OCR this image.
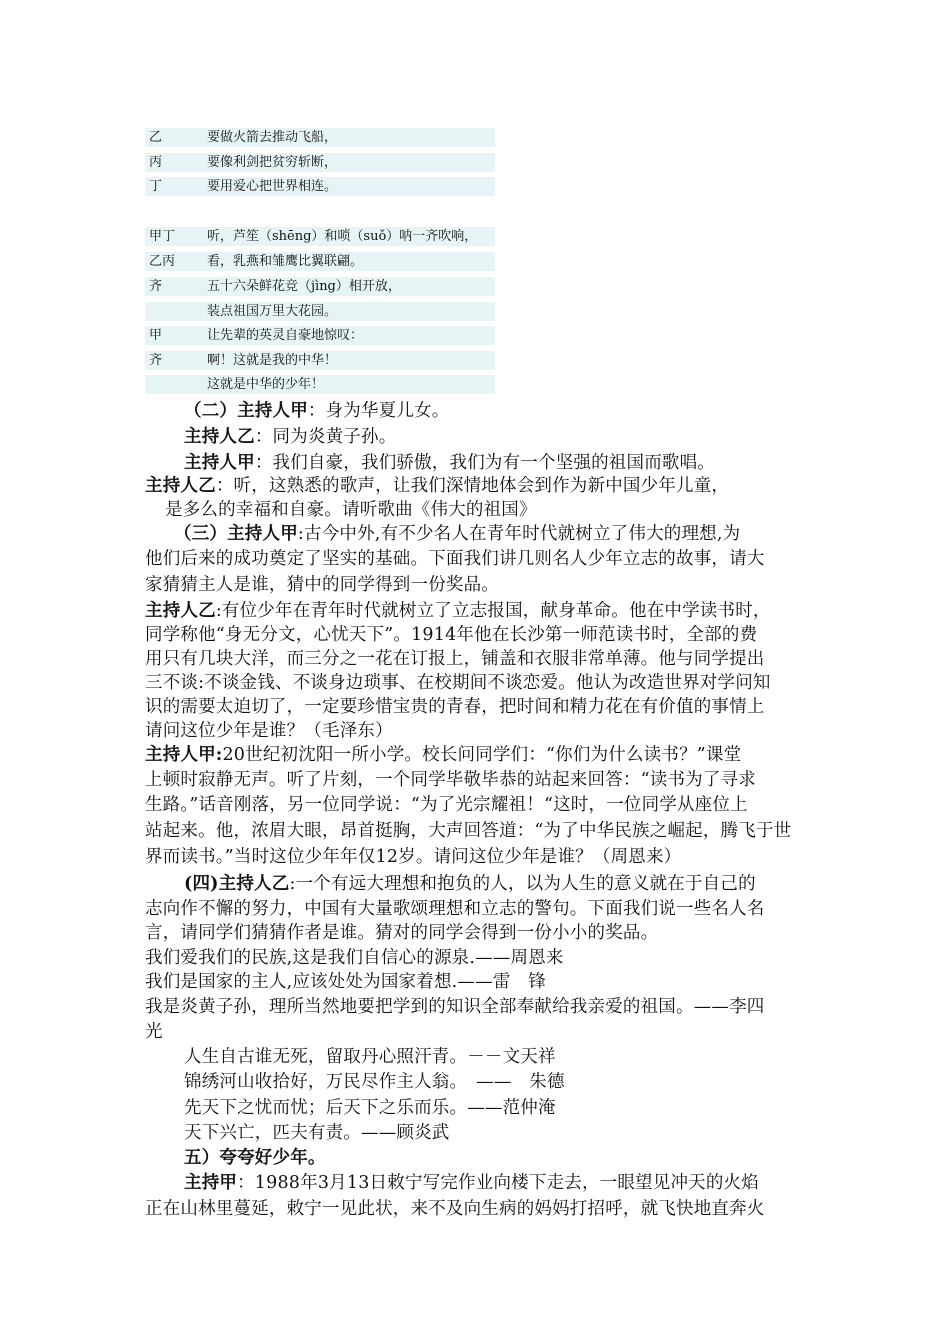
乙	要做火箭去推动飞船，
丙	要像利剑把贫穷斩断，
丁	要用爱心把世界相连。
甲丁 听，芦笙（shēng）和唢（suǒ）呐一齐吹响，
乙丙 看，乳燕和雏鹰比翼联翩。
齐	五十六朵鲜花竞（jìng）相开放，
装点祖国万里大花园。
甲	让先辈的英灵自豪地惊叹：
齐	啊！这就是我的中华！
这就是中华的少年！
（二）主持人甲：身为华夏儿女。
主持人乙：同为炎黄子孙。
主持人甲：我们自豪，我们骄傲，我们为有一个坚强的祖国而歌唱。
主持人乙：听，这熟悉的歌声，让我们深情地体会到作为新中国少年儿童，
是多么的幸福和自豪。请听歌曲《伟大的祖国》
（三）主持人甲:古今中外,有不少名人在青年时代就树立了伟大的理想,为
他们后来的成功奠定了坚实的基础。下面我们讲几则名人少年立志的故事，请大
家猜猜主人是谁，猜中的同学得到一份奖品。
主持人乙:有位少年在青年时代就树立了立志报国，献身革命。他在中学读书时，
同学称他“身无分文，心忧天下”。1914年他在长沙第一师范读书时，全部的费
用只有几块大洋，而三分之一花在订报上，铺盖和衣服非常单薄。他与同学提出
三不谈:不谈金钱、不谈身边琐事、在校期间不谈恋爱。他认为改造世界对学问知
识的需要太迫切了，一定要珍惜宝贵的青春，把时间和精力花在有价值的事情上
请问这位少年是谁？（毛泽东）
主持人甲:20世纪初沈阳一所小学。校长问同学们：“你们为什么读书？”课堂
上顿时寂静无声。听了片刻，一个同学毕敬毕恭的站起来回答：“读书为了寻求
生路。”话音刚落，另一位同学说：“为了光宗耀祖！“这时，一位同学从座位上
站起来。他，浓眉大眼，昂首挺胸，大声回答道：“为了中华民族之崛起，腾飞于世
界而读书。”当时这位少年年仅12岁。请问这位少年是谁？（周恩来）
(四)主持人乙:一个有远大理想和抱负的人，以为人生的意义就在于自己的
志向作不懈的努力，中国有大量歌颂理想和立志的警句。下面我们说一些名人名
言，请同学们猜猜作者是谁。猜对的同学会得到一份小小的奖品。
我们爱我们的民族,这是我们自信心的源泉.——周恩来
我们是国家的主人,应该处处为国家着想.——雷　锋
我是炎黄子孙，理所当然地要把学到的知识全部奉献给我亲爱的祖国。——李四
光
人生自古谁无死，留取丹心照汗青。－－文天祥
锦绣河山收拾好，万民尽作主人翁。　——　朱德
先天下之忧而忧；后天下之乐而乐。——范仲淹
天下兴亡，匹夫有责。——顾炎武
五）夸夸好少年。
主持甲：1988年3月13日敕宁写完作业向楼下走去，一眼望见冲天的火焰
正在山林里蔓延，敕宁一见此状，来不及向生病的妈妈打招呼，就飞快地直奔火
